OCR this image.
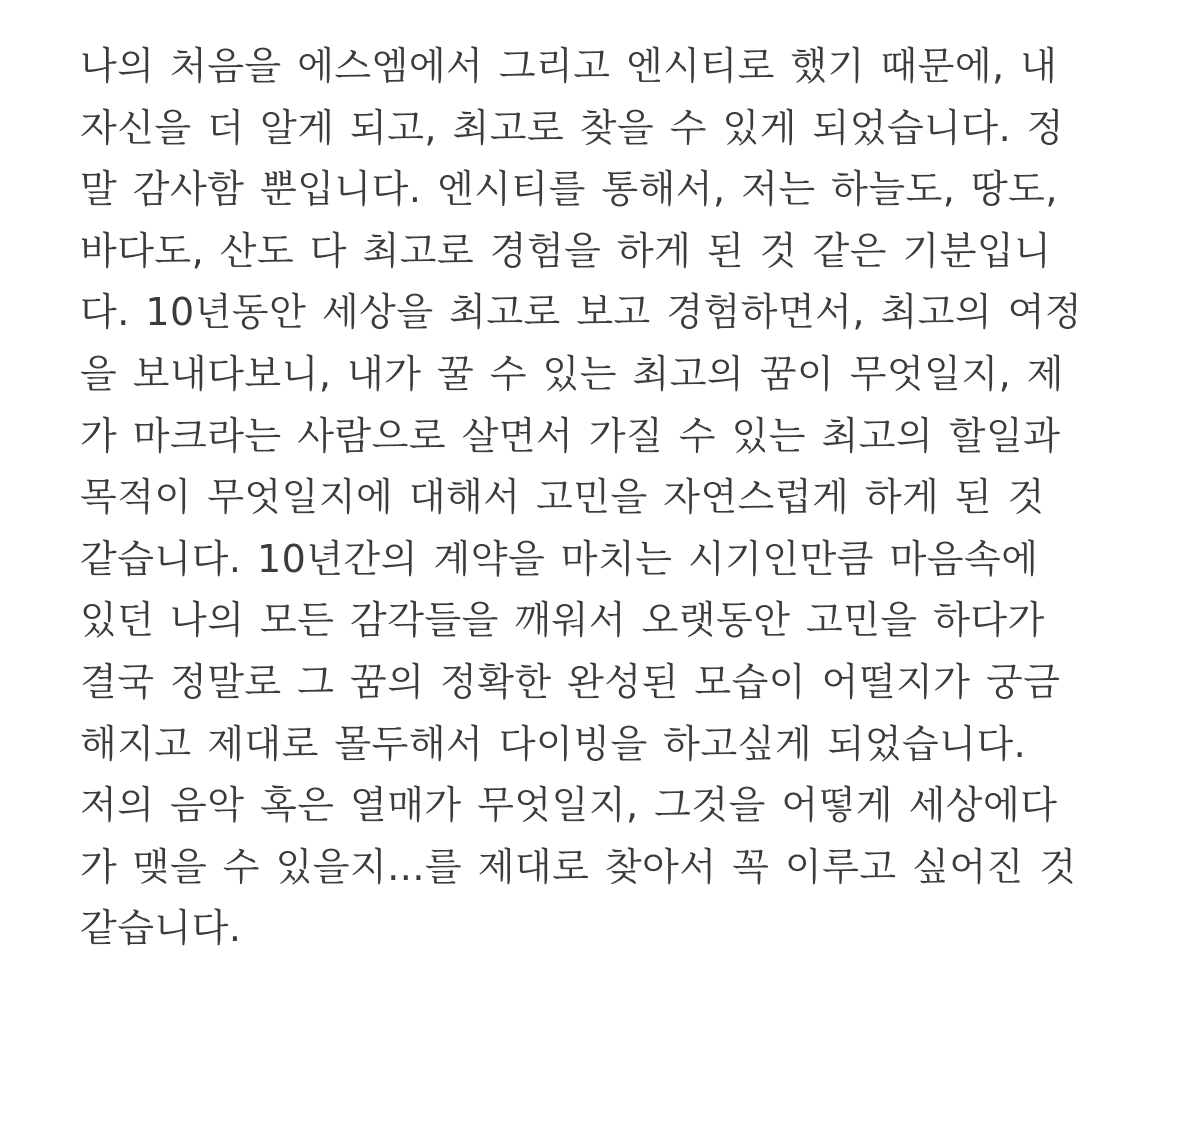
나의 처음을 에스엠에서 그리고 엔시티로 했기 때문에, 내
자신을 더 알게 되고, 최고로 찾을 수 있게 되었습니다. 정
말 감사함 뿐입니다. 엔시티를 통해서, 저는 하늘도, 땅도,
바다도, 산도 다 최고로 경험을 하게 된 것 같은 기분입니
다. 10년동안 세상을 최고로 보고 경험하면서, 최고의 여정
을 보내다보니, 내가 꿀 수 있는 최고의 꿈이 무엇일지, 제
가 마크라는 사람으로 살면서 가질 수 있는 최고의 할일과
목적이 무엇일지에 대해서 고민을 자연스럽게 하게 된 것
같습니다. 10년간의 계약을 마치는 시기인만큼 마음속에
있던 나의 모든 감각들을 깨워서 오랫동안 고민을 하다가
결국 정말로 그 꿈의 정확한 완성된 모습이 어떨지가 궁금
해지고 제대로 몰두해서 다이빙을 하고싶게 되었습니다.
저의 음악 혹은 열매가 무엇일지, 그것을 어떻게 세상에다
가 맺을 수 있을지...를 제대로 찾아서 꼭 이루고 싶어진 것
같습니다.
